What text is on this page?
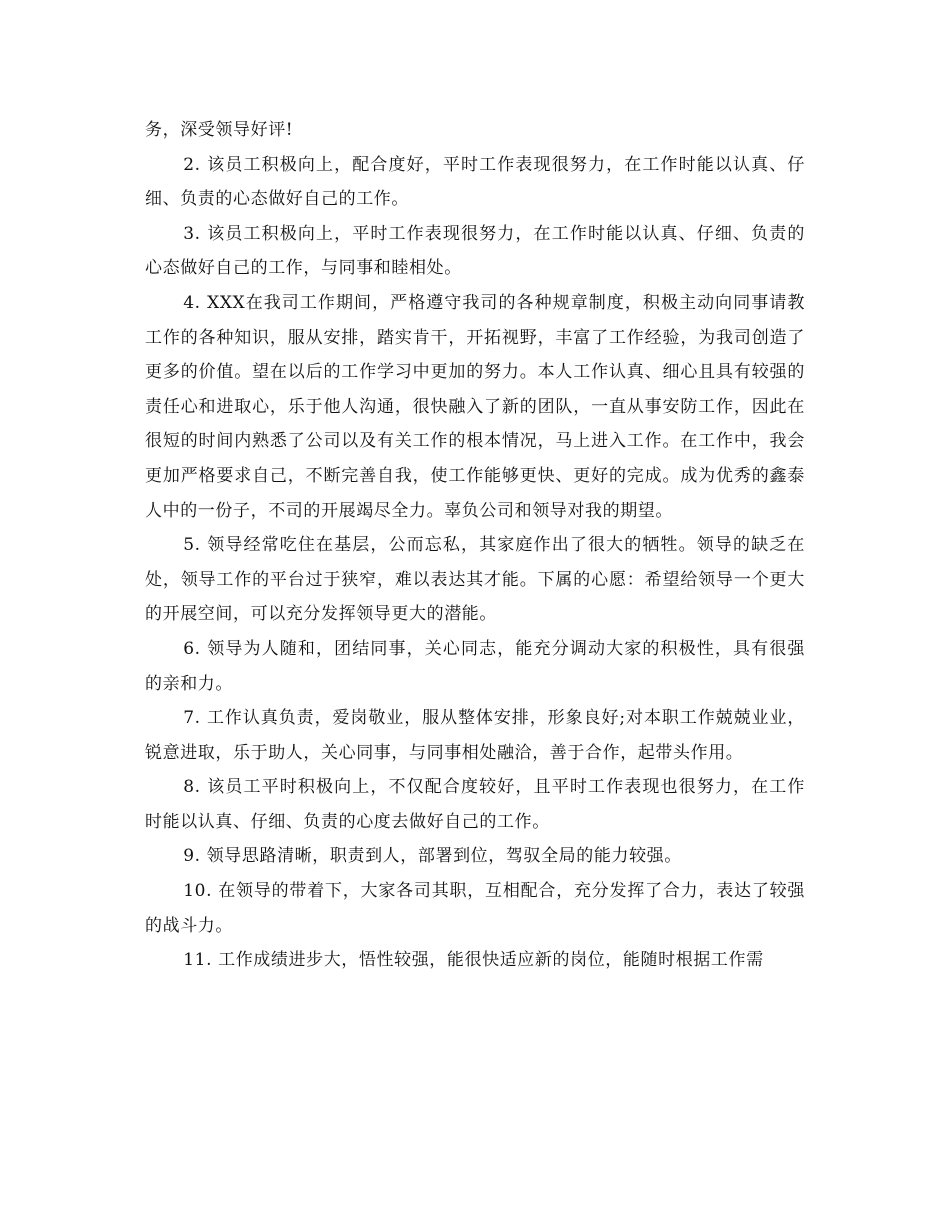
务，深受领导好评!

2. 该员工积极向上，配合度好，平时工作表现很努力，在工作时能以认真、仔细、负责的心态做好自己的工作。

3. 该员工积极向上，平时工作表现很努力，在工作时能以认真、仔细、负责的心态做好自己的工作，与同事和睦相处。

4. XXX在我司工作期间，严格遵守我司的各种规章制度，积极主动向同事请教工作的各种知识，服从安排，踏实肯干，开拓视野，丰富了工作经验，为我司创造了更多的价值。望在以后的工作学习中更加的努力。本人工作认真、细心且具有较强的责任心和进取心，乐于他人沟通，很快融入了新的团队，一直从事安防工作，因此在很短的时间内熟悉了公司以及有关工作的根本情况，马上进入工作。在工作中，我会更加严格要求自己，不断完善自我，使工作能够更快、更好的完成。成为优秀的鑫泰人中的一份子，不司的开展竭尽全力。辜负公司和领导对我的期望。

5. 领导经常吃住在基层，公而忘私，其家庭作出了很大的牺牲。领导的缺乏在处，领导工作的平台过于狭窄，难以表达其才能。下属的心愿：希望给领导一个更大的开展空间，可以充分发挥领导更大的潜能。

6. 领导为人随和，团结同事，关心同志，能充分调动大家的积极性，具有很强的亲和力。

7. 工作认真负责，爱岗敬业，服从整体安排，形象良好;对本职工作兢兢业业，锐意进取，乐于助人，关心同事，与同事相处融洽，善于合作，起带头作用。

8. 该员工平时积极向上，不仅配合度较好，且平时工作表现也很努力，在工作时能以认真、仔细、负责的心度去做好自己的工作。

9. 领导思路清晰，职责到人，部署到位，驾驭全局的能力较强。

10. 在领导的带着下，大家各司其职，互相配合，充分发挥了合力，表达了较强的战斗力。

11. 工作成绩进步大，悟性较强，能很快适应新的岗位，能随时根据工作需
